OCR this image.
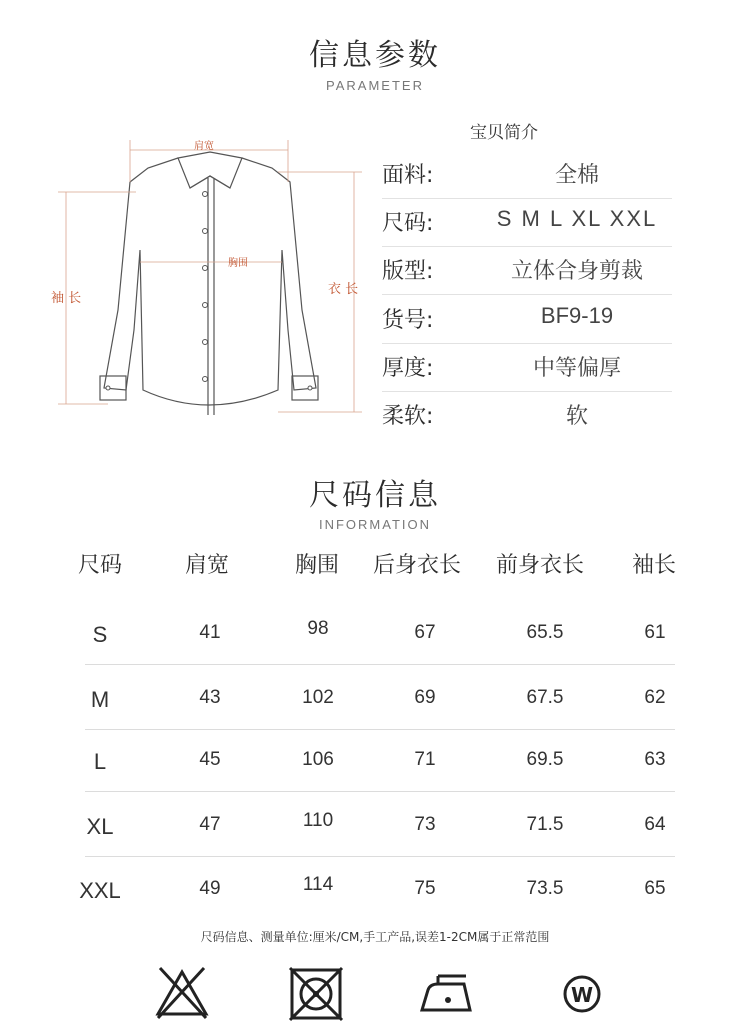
信息参数
PARAMETER
肩宽
胸围
袖 长
衣 长
宝贝简介
面料:	全棉
尺码:	S M L XL XXL
版型:	立体合身剪裁
货号:	BF9-19
厚度:	中等偏厚
柔软:	软
尺码信息
INFORMATION
尺码	肩宽	胸围 后身衣长 前身衣长 袖长
S	41	98	67	65.5	61
M	43	102	69	67.5	62
L	45	106	71	69.5	63
XL	47	110	73	71.5	64
XXL	49	114	75	73.5	65
尺码信息、测量单位:厘米/CM,手工产品,误差1-2CM属于正常范围
W
